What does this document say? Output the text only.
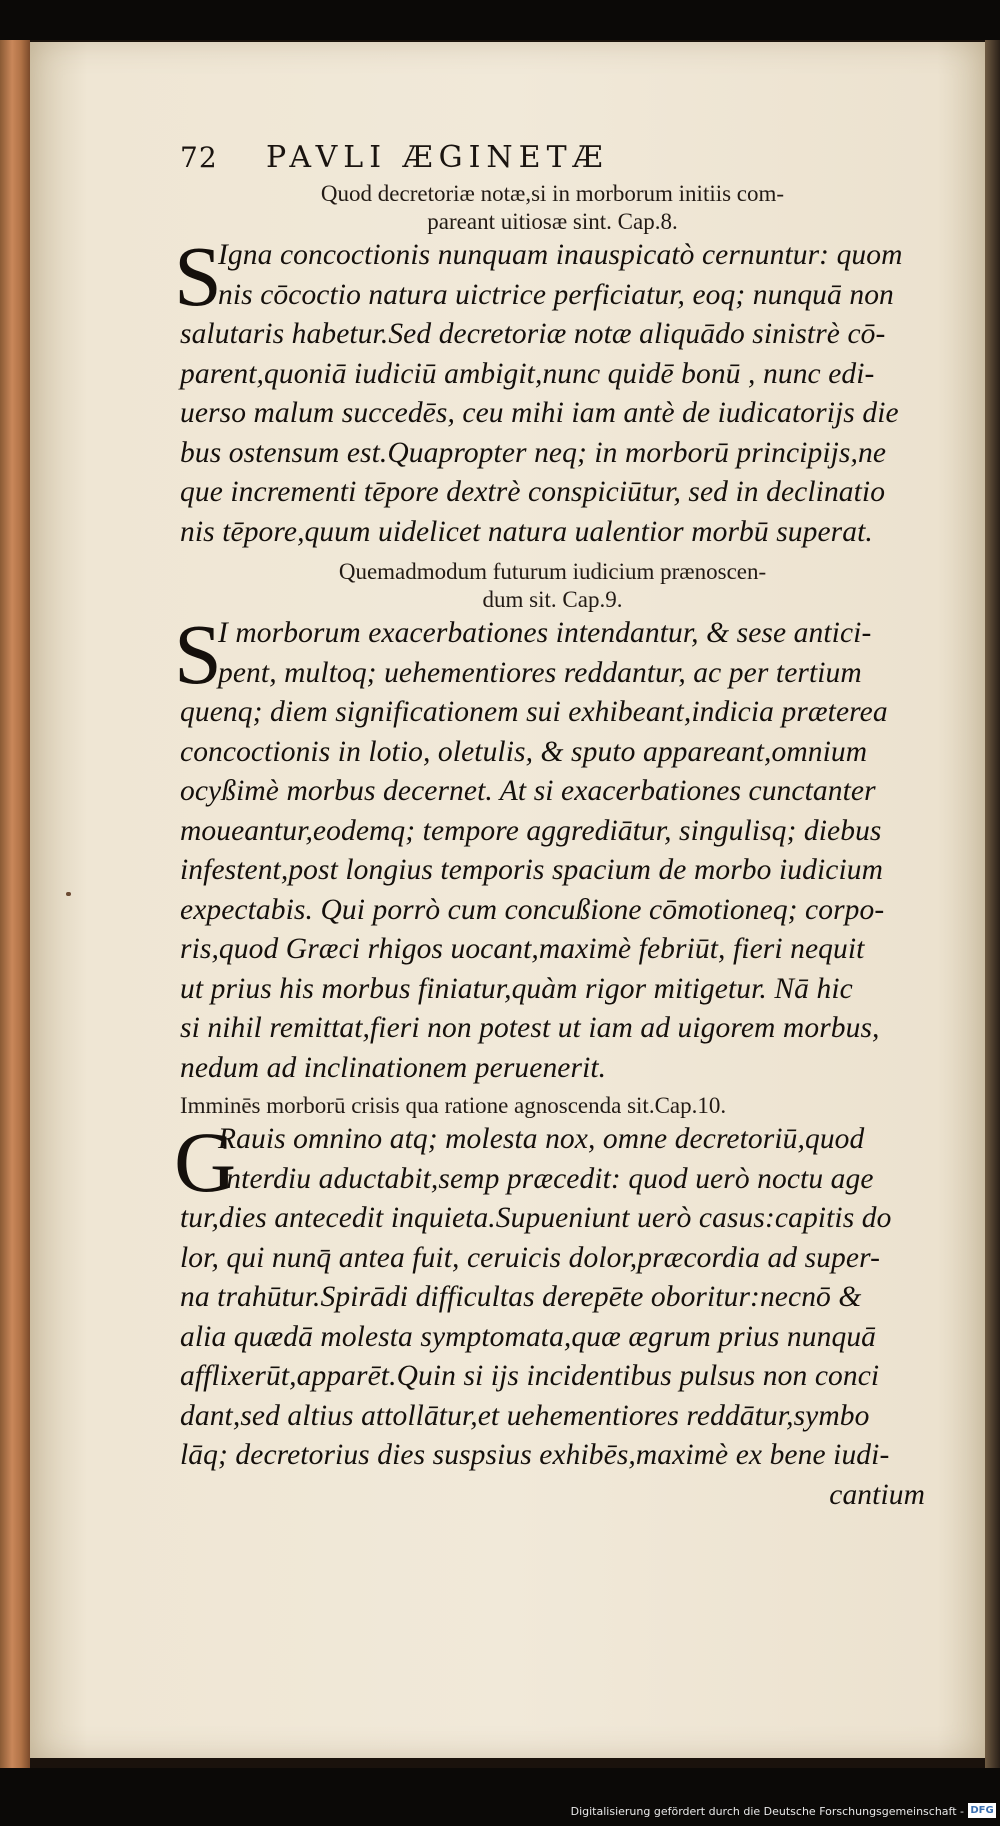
72	PAVLI ÆGINETÆ
Quod decretoriæ notæ,si in morborum initiis com-
pareant uitiosæ sint. Cap.8.
S
Igna concoctionis nunquam inauspicatò cernuntur: quom
nis cōcoctio natura uictrice perficiatur, eoq; nunquā non
salutaris habetur.Sed decretoriæ notæ aliquādo sinistrè cō-
parent,quoniā iudiciū ambigit,nunc quidē bonū , nunc edi-
uerso malum succedēs, ceu mihi iam antè de iudicatorijs die
bus ostensum est.Quapropter neq; in morborū principijs,ne
que incrementi tēpore dextrè conspiciūtur, sed in declinatio
nis tēpore,quum uidelicet natura ualentior morbū superat.
Quemadmodum futurum iudicium prænoscen-
dum sit. Cap.9.
S
I morborum exacerbationes intendantur, & sese antici-
pent, multoq; uehementiores reddantur, ac per tertium
quenq; diem significationem sui exhibeant,indicia præterea
concoctionis in lotio, oletulis, & sputo appareant,omnium
ocyßimè morbus decernet. At si exacerbationes cunctanter
moueantur,eodemq; tempore aggrediātur, singulisq; diebus
infestent,post longius temporis spacium de morbo iudicium
expectabis. Qui porrò cum concußione cōmotioneq; corpo-
ris,quod Græci rhigos uocant,maximè febriūt, fieri nequit
ut prius his morbus finiatur,quàm rigor mitigetur. Nā hic
si nihil remittat,fieri non potest ut iam ad uigorem morbus,
nedum ad inclinationem peruenerit.
Imminēs morborū crisis qua ratione agnoscenda sit.Cap.10.
G
Rauis omnino atq; molesta nox, omne decretoriū,quod
interdiu aductabit,semp præcedit: quod uerò noctu age
tur,dies antecedit inquieta.Supueniunt uerò casus:capitis do
lor, qui nunq̄ antea fuit, ceruicis dolor,præcordia ad super-
na trahūtur.Spirādi difficultas derepēte oboritur:necnō &
alia quædā molesta symptomata,quæ ægrum prius nunquā
afflixerūt,apparēt.Quin si ijs incidentibus pulsus non conci
dant,sed altius attollātur,et uehementiores reddātur,symbo
lāq; decretorius dies suspsius exhibēs,maximè ex bene iudi-
cantium
Digitalisierung gefördert durch die Deutsche Forschungsgemeinschaft - DFG
